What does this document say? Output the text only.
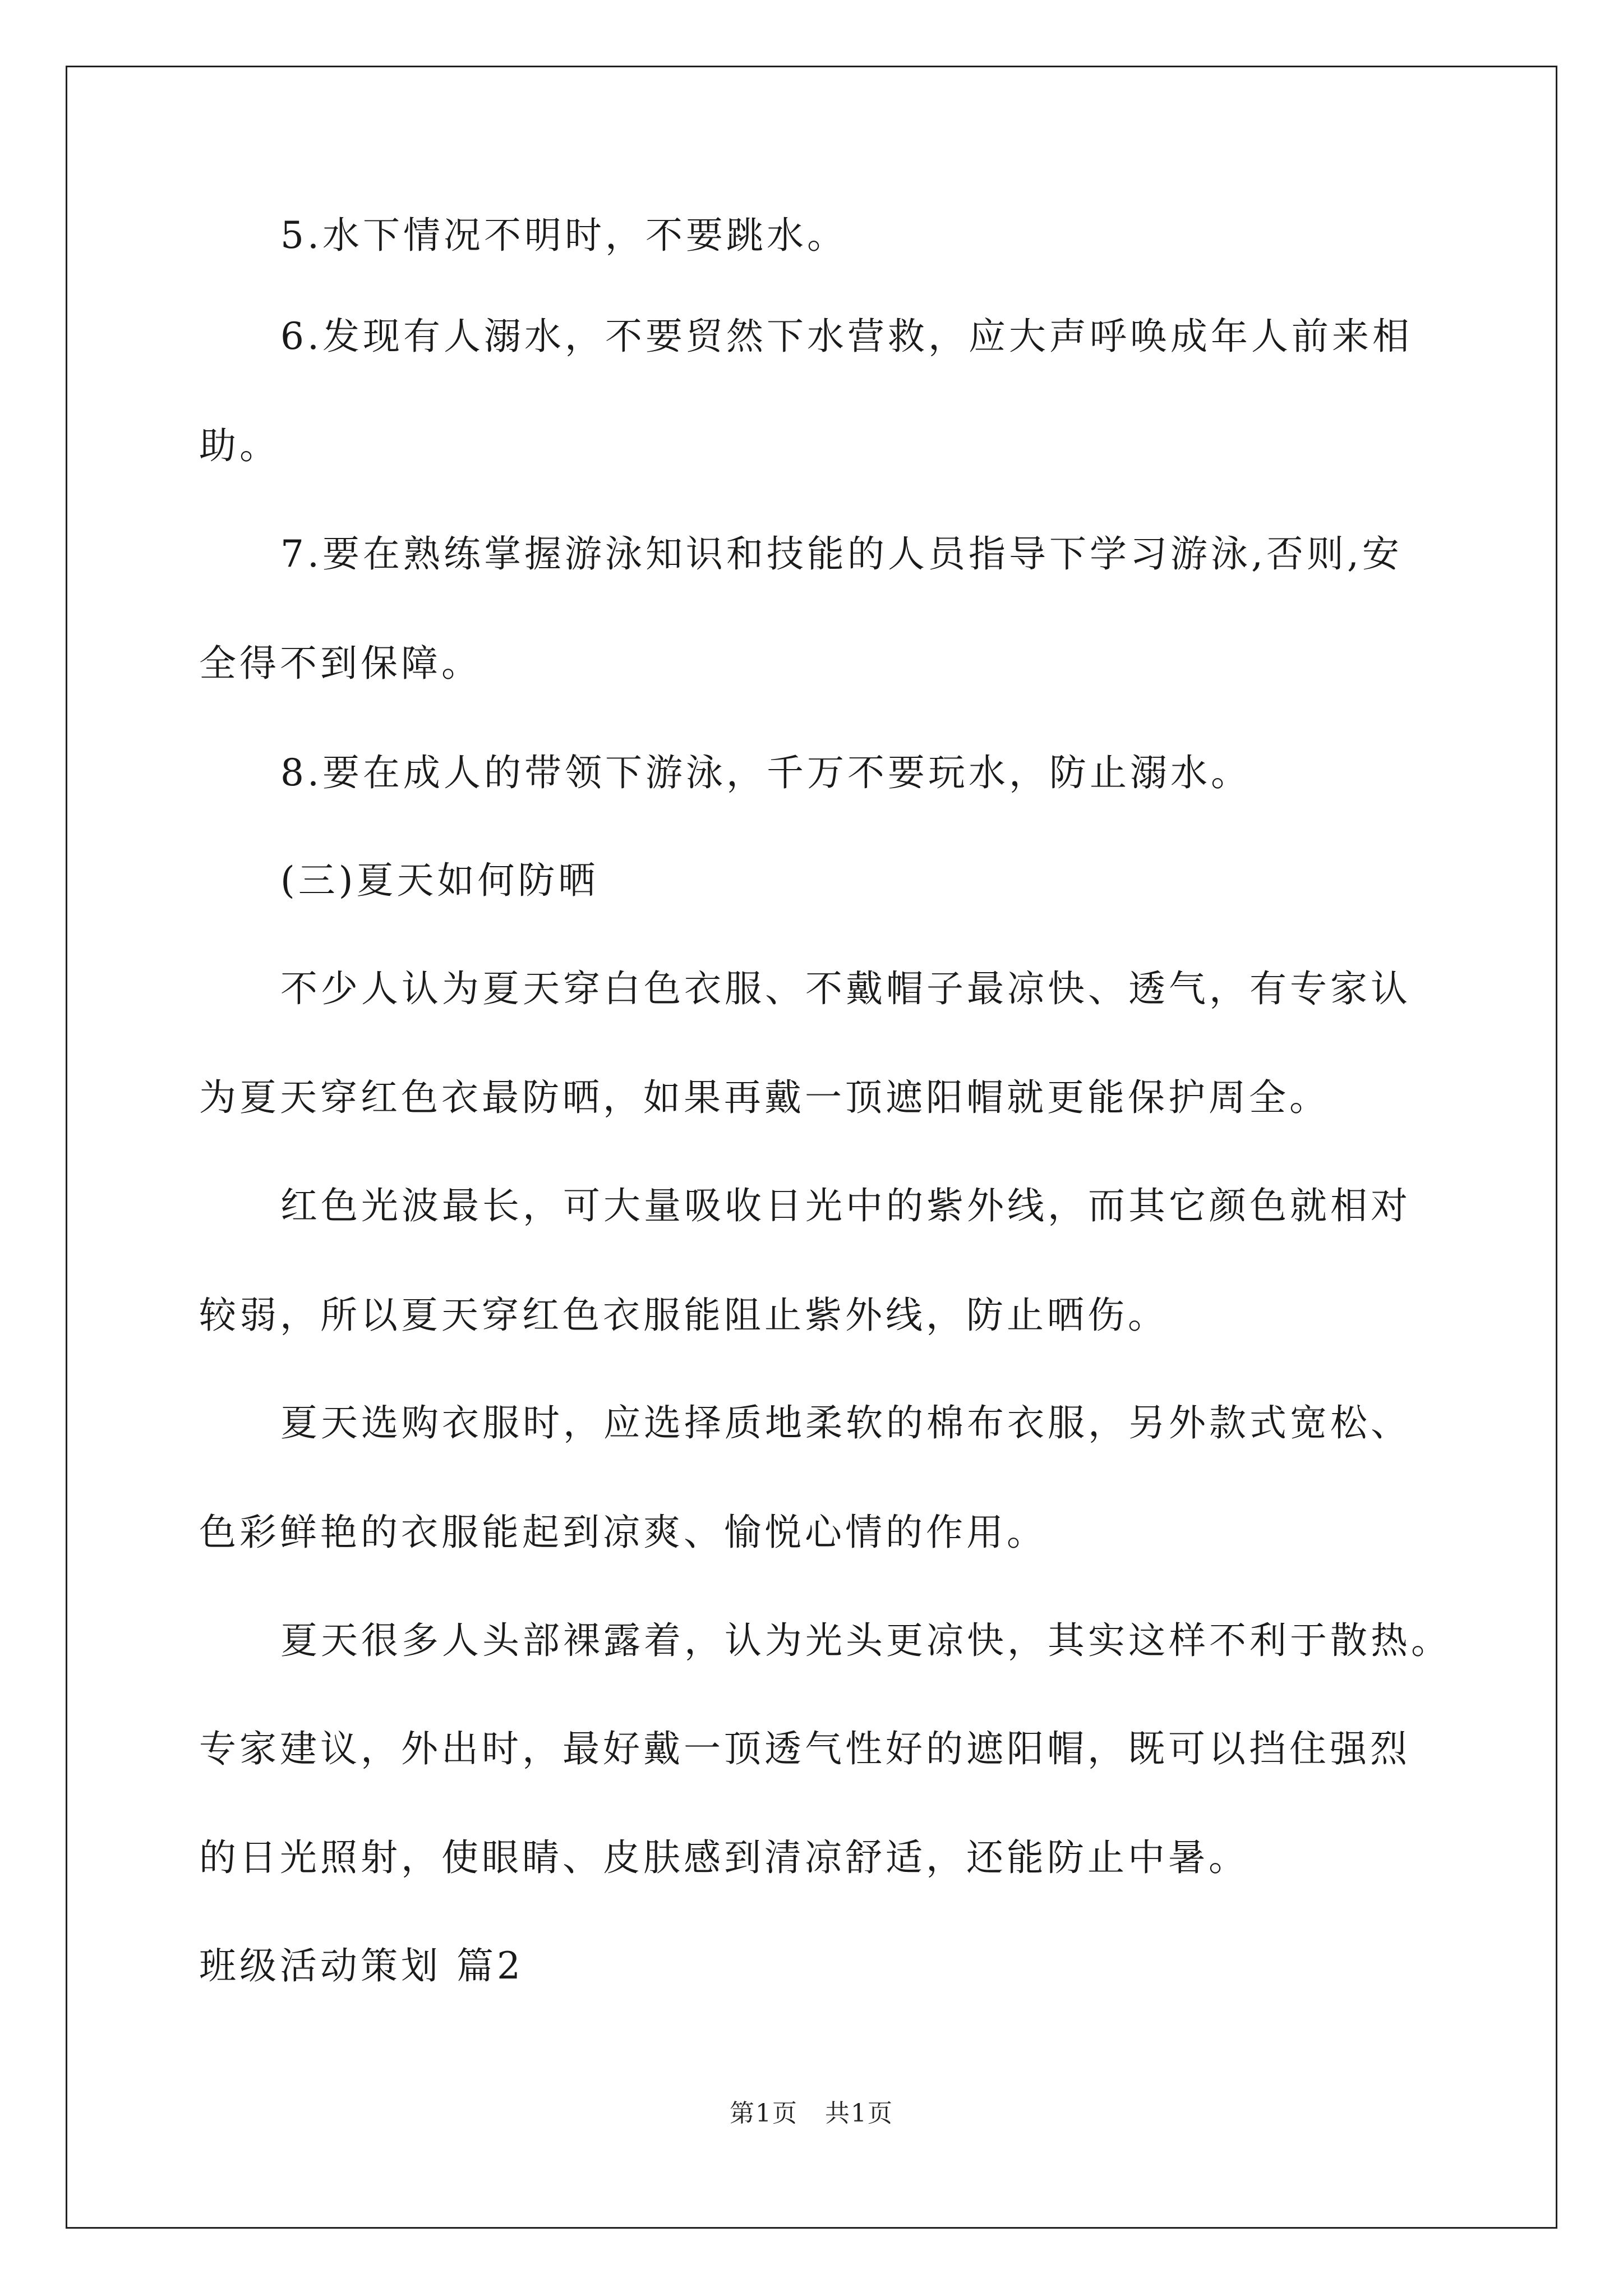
5.水下情况不明时，不要跳水。
6.发现有人溺水，不要贸然下水营救，应大声呼唤成年人前来相
助。
7.要在熟练掌握游泳知识和技能的人员指导下学习游泳,否则,安
全得不到保障。
8.要在成人的带领下游泳，千万不要玩水，防止溺水。
(三)夏天如何防晒
不少人认为夏天穿白色衣服、不戴帽子最凉快、透气，有专家认
为夏天穿红色衣最防晒，如果再戴一顶遮阳帽就更能保护周全。
红色光波最长，可大量吸收日光中的紫外线，而其它颜色就相对
较弱，所以夏天穿红色衣服能阻止紫外线，防止晒伤。
夏天选购衣服时，应选择质地柔软的棉布衣服，另外款式宽松、
色彩鲜艳的衣服能起到凉爽、愉悦心情的作用。
夏天很多人头部裸露着，认为光头更凉快，其实这样不利于散热。
专家建议，外出时，最好戴一顶透气性好的遮阳帽，既可以挡住强烈
的日光照射，使眼睛、皮肤感到清凉舒适，还能防止中暑。
班级活动策划 篇2
第1页   共1页
